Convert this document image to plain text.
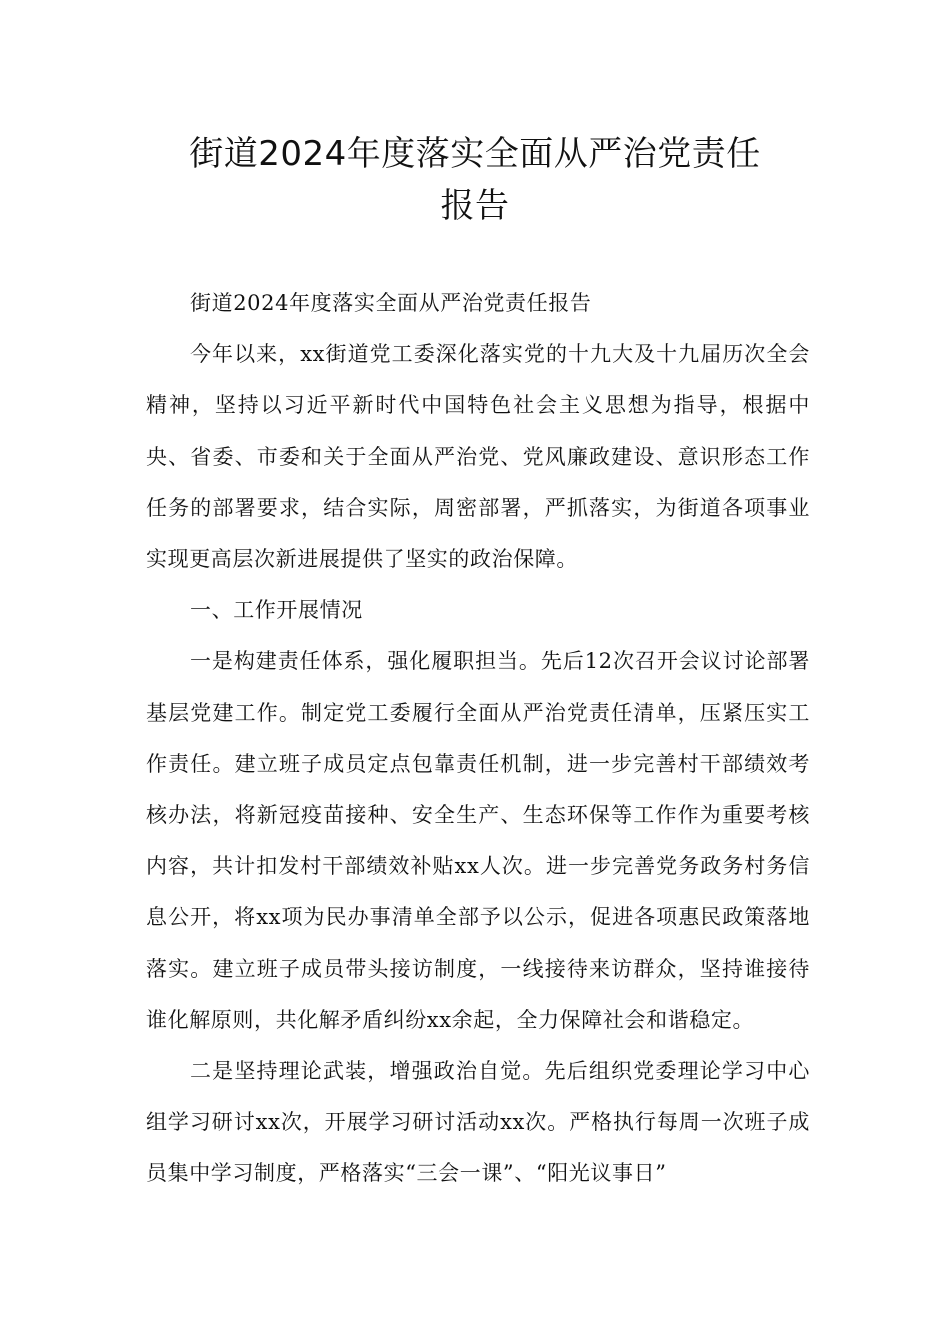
街道2024年度落实全面从严治党责任
报告

街道2024年度落实全面从严治党责任报告

今年以来，xx街道党工委深化落实党的十九大及十九届历次全会精神，坚持以习近平新时代中国特色社会主义思想为指导，根据中央、省委、市委和关于全面从严治党、党风廉政建设、意识形态工作任务的部署要求，结合实际，周密部署，严抓落实，为街道各项事业实现更高层次新进展提供了坚实的政治保障。

一、工作开展情况

一是构建责任体系，强化履职担当。先后12次召开会议讨论部署基层党建工作。制定党工委履行全面从严治党责任清单，压紧压实工作责任。建立班子成员定点包靠责任机制，进一步完善村干部绩效考核办法，将新冠疫苗接种、安全生产、生态环保等工作作为重要考核内容，共计扣发村干部绩效补贴xx人次。进一步完善党务政务村务信息公开，将xx项为民办事清单全部予以公示，促进各项惠民政策落地落实。建立班子成员带头接访制度，一线接待来访群众，坚持谁接待谁化解原则，共化解矛盾纠纷xx余起，全力保障社会和谐稳定。

二是坚持理论武装，增强政治自觉。先后组织党委理论学习中心组学习研讨xx次，开展学习研讨活动xx次。严格执行每周一次班子成员集中学习制度，严格落实“三会一课”、“阳光议事日”
